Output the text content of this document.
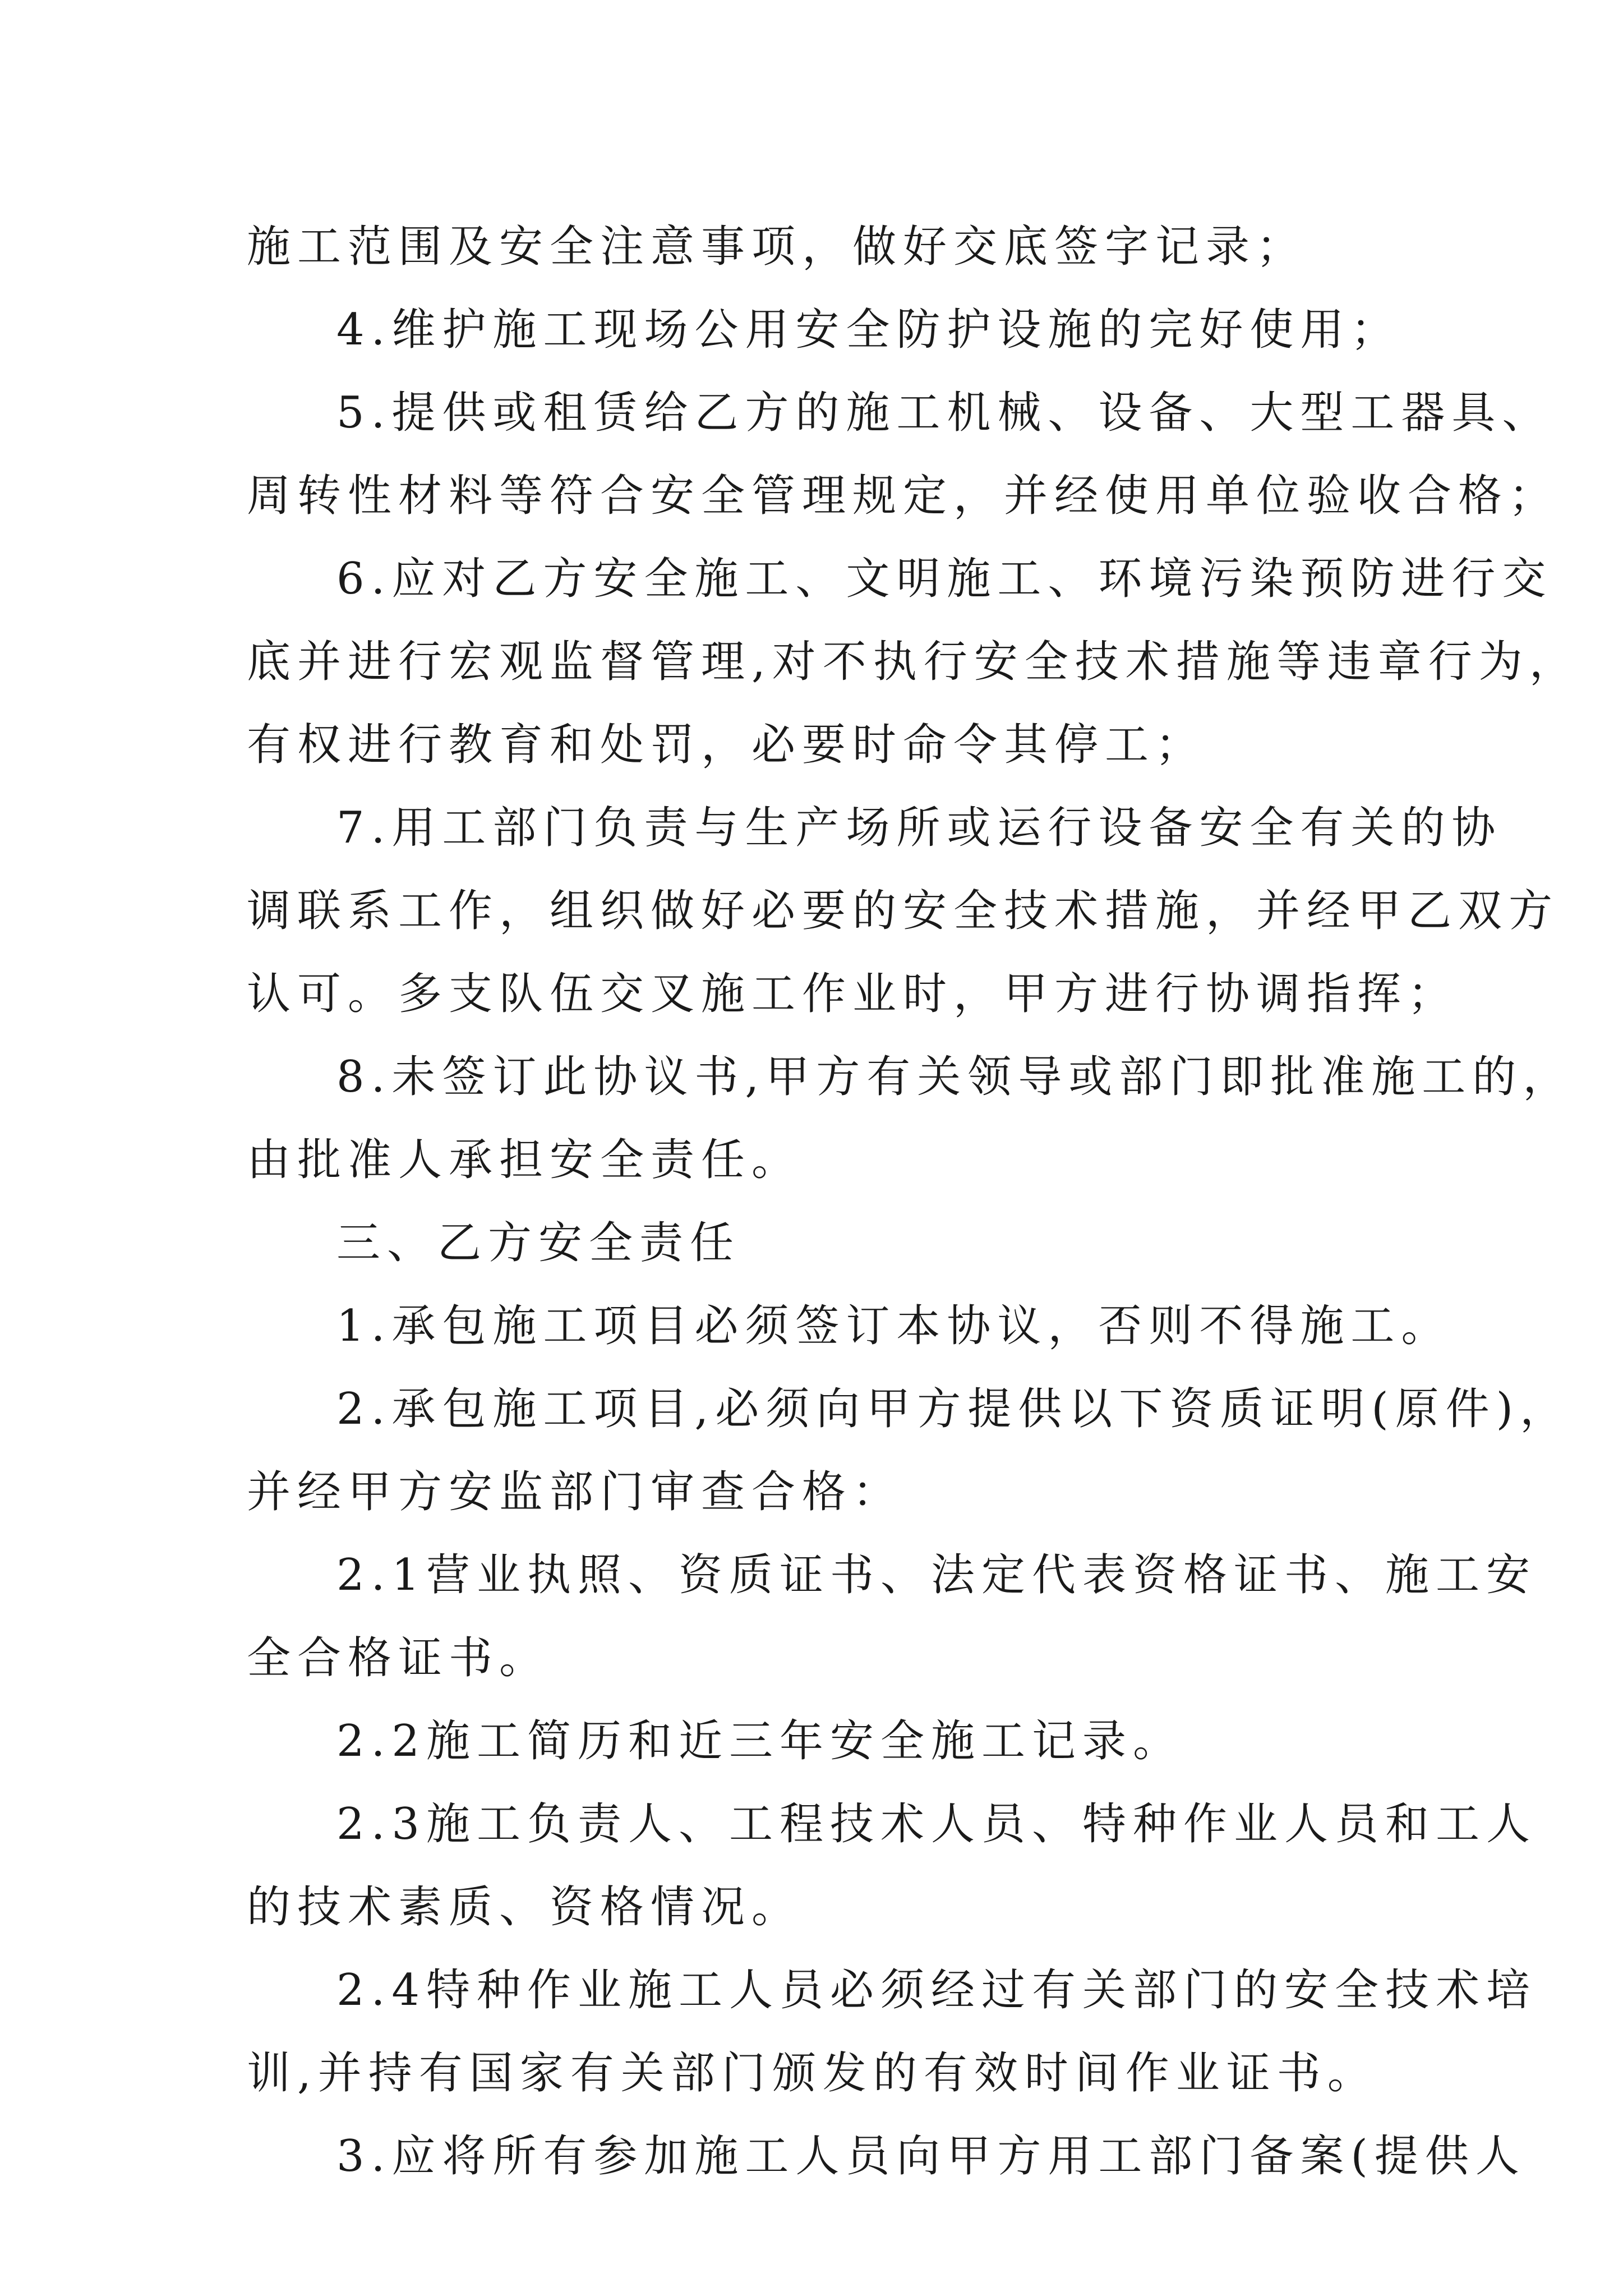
施工范围及安全注意事项，做好交底签字记录；
4.维护施工现场公用安全防护设施的完好使用；
5.提供或租赁给乙方的施工机械、设备、大型工器具、
周转性材料等符合安全管理规定，并经使用单位验收合格；
6.应对乙方安全施工、文明施工、环境污染预防进行交
底并进行宏观监督管理,对不执行安全技术措施等违章行为，
有权进行教育和处罚，必要时命令其停工；
7.用工部门负责与生产场所或运行设备安全有关的协
调联系工作，组织做好必要的安全技术措施，并经甲乙双方
认可。多支队伍交叉施工作业时，甲方进行协调指挥；
8.未签订此协议书,甲方有关领导或部门即批准施工的，
由批准人承担安全责任。
三、乙方安全责任
1.承包施工项目必须签订本协议，否则不得施工。
2.承包施工项目,必须向甲方提供以下资质证明(原件)，
并经甲方安监部门审查合格：
2.1营业执照、资质证书、法定代表资格证书、施工安
全合格证书。
2.2施工简历和近三年安全施工记录。
2.3施工负责人、工程技术人员、特种作业人员和工人
的技术素质、资格情况。
2.4特种作业施工人员必须经过有关部门的安全技术培
训,并持有国家有关部门颁发的有效时间作业证书。
3.应将所有参加施工人员向甲方用工部门备案(提供人
